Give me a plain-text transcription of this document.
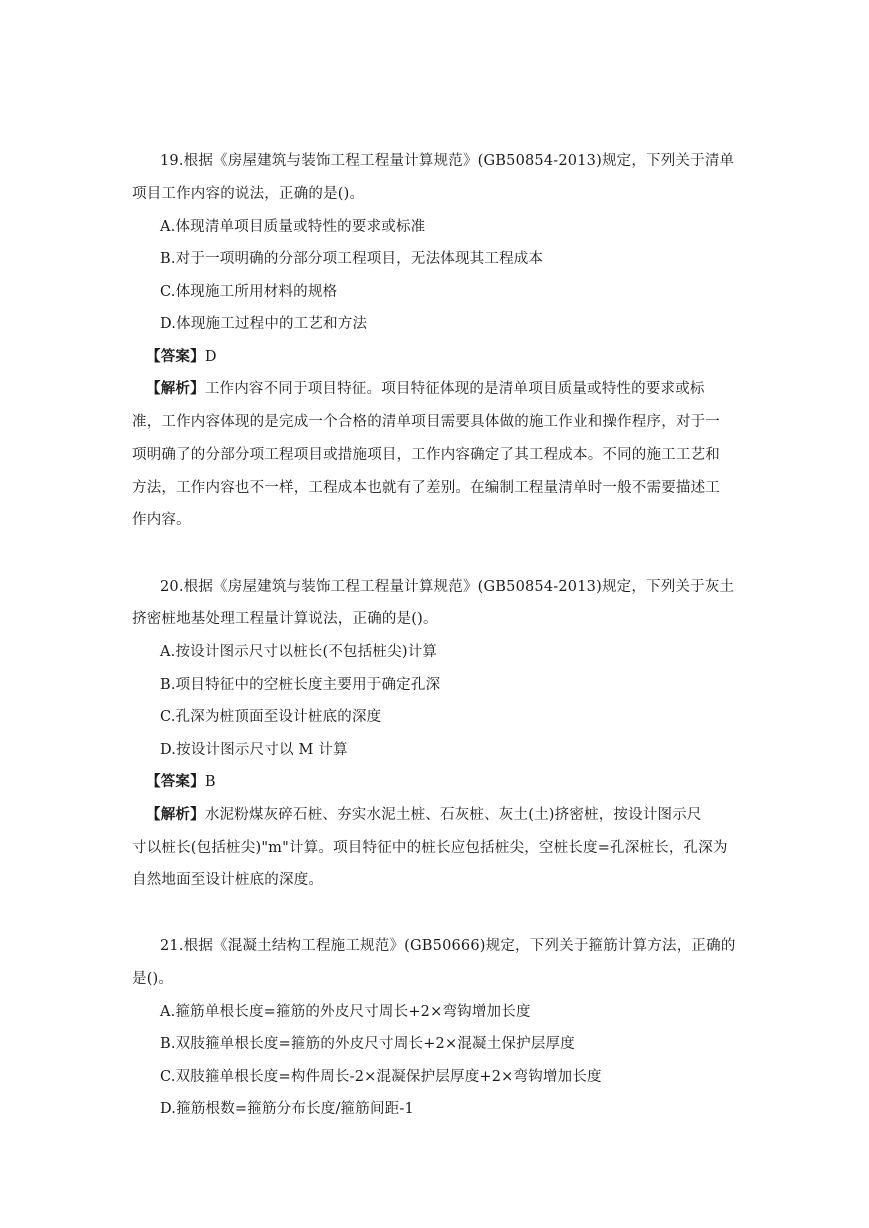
19.根据《房屋建筑与装饰工程工程量计算规范》(GB50854-2013)规定，下列关于清单
项目工作内容的说法，正确的是()。
A.体现清单项目质量或特性的要求或标准
B.对于一项明确的分部分项工程项目，无法体现其工程成本
C.体现施工所用材料的规格
D.体现施工过程中的工艺和方法
【答案】D
【解析】工作内容不同于项目特征。项目特征体现的是清单项目质量或特性的要求或标
准，工作内容体现的是完成一个合格的清单项目需要具体做的施工作业和操作程序，对于一
项明确了的分部分项工程项目或措施项目，工作内容确定了其工程成本。不同的施工工艺和
方法，工作内容也不一样，工程成本也就有了差别。在编制工程量清单时一般不需要描述工
作内容。
20.根据《房屋建筑与装饰工程工程量计算规范》(GB50854-2013)规定，下列关于灰土
挤密桩地基处理工程量计算说法，正确的是()。
A.按设计图示尺寸以桩长(不包括桩尖)计算
B.项目特征中的空桩长度主要用于确定孔深
C.孔深为桩顶面至设计桩底的深度
D.按设计图示尺寸以 M 计算
【答案】B
【解析】水泥粉煤灰碎石桩、夯实水泥土桩、石灰桩、灰土(土)挤密桩，按设计图示尺
寸以桩长(包括桩尖)"m"计算。项目特征中的桩长应包括桩尖，空桩长度=孔深桩长，孔深为
自然地面至设计桩底的深度。
21.根据《混凝土结构工程施工规范》(GB50666)规定，下列关于箍筋计算方法，正确的
是()。
A.箍筋单根长度=箍筋的外皮尺寸周长+2×弯钩增加长度
B.双肢箍单根长度=箍筋的外皮尺寸周长+2×混凝土保护层厚度
C.双肢箍单根长度=构件周长-2×混凝保护层厚度+2×弯钩增加长度
D.箍筋根数=箍筋分布长度/箍筋间距-1
